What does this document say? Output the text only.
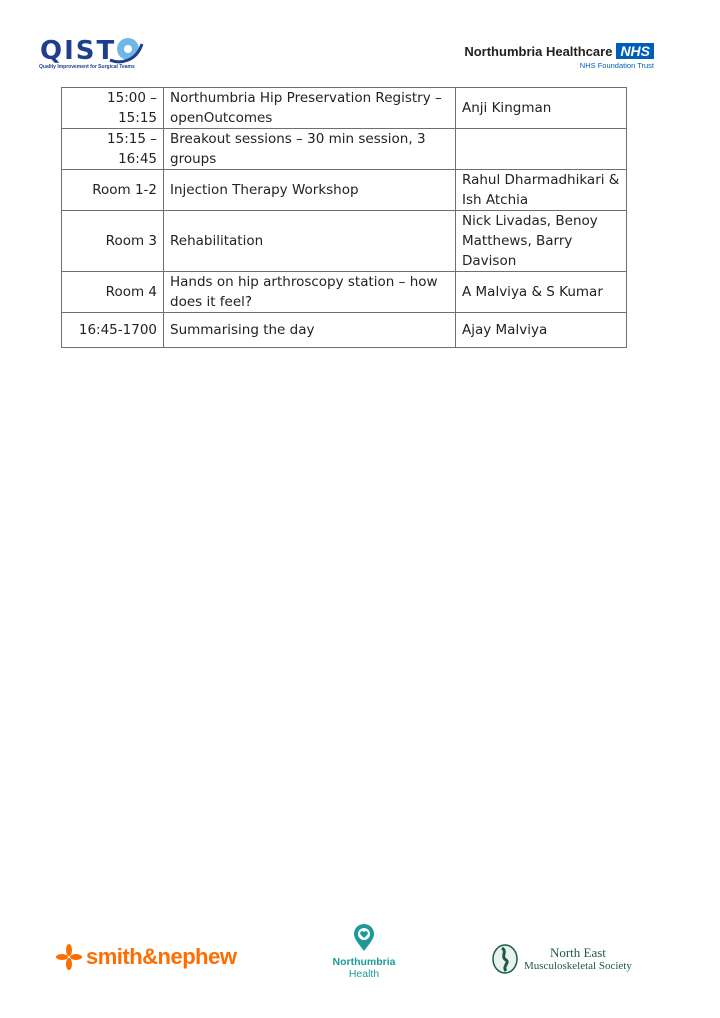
QIST
Quality Improvement for Surgical Teams
Northumbria Healthcare NHS
NHS Foundation Trust
15:00 – 15:15	Northumbria Hip Preservation Registry – openOutcomes	Anji Kingman
15:15 – 16:45	Breakout sessions – 30 min session, 3 groups	
Room 1-2	Injection Therapy Workshop	Rahul Dharmadhikari & Ish Atchia
Room 3	Rehabilitation	Nick Livadas, Benoy Matthews, Barry Davison
Room 4	Hands on hip arthroscopy station – how does it feel?	A Malviya & S Kumar
16:45-1700	Summarising the day	Ajay Malviya
smith&nephew	Northumbria
Health
North East
Musculoskeletal Society
